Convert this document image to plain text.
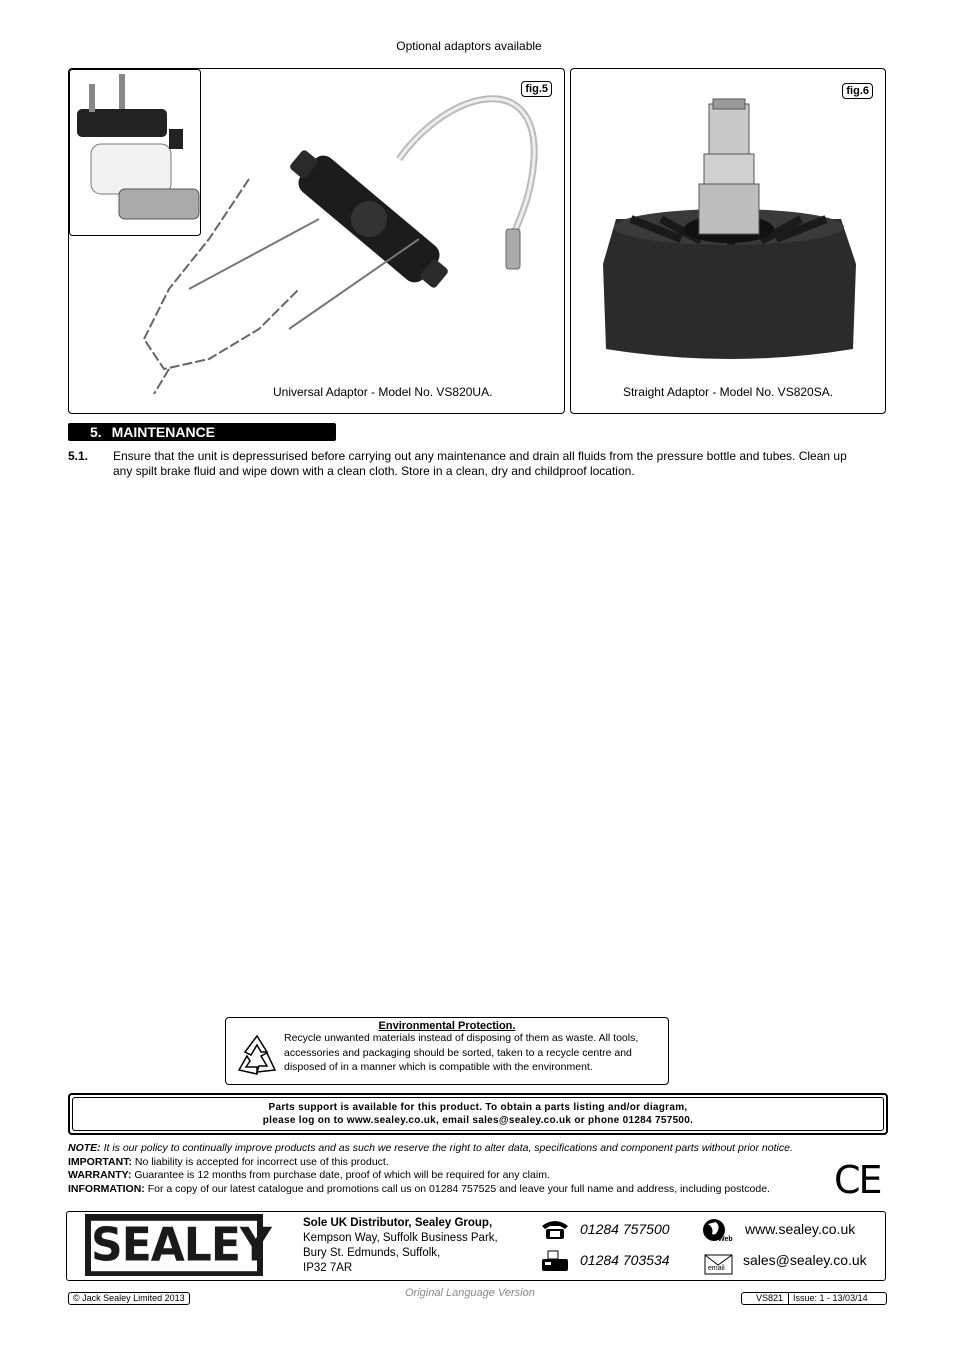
Optional adaptors available
fig.5
Universal Adaptor - Model No. VS820UA.
fig.6
Straight Adaptor - Model No. VS820SA.
5. MAINTENANCE
5.1. Ensure that the unit is depressurised before carrying out any maintenance and drain all fluids from the pressure bottle and tubes. Clean up any spilt brake fluid and wipe down with a clean cloth. Store in a clean, dry and childproof location.
Environmental Protection.
Recycle unwanted materials instead of disposing of them as waste. All tools, accessories and packaging should be sorted, taken to a recycle centre and disposed of in a manner which is compatible with the environment.
Parts support is available for this product. To obtain a parts listing and/or diagram,
please log on to www.sealey.co.uk, email sales@sealey.co.uk or phone 01284 757500.
NOTE: It is our policy to continually improve products and as such we reserve the right to alter data, specifications and component parts without prior notice.
IMPORTANT: No liability is accepted for incorrect use of this product.
WARRANTY: Guarantee is 12 months from purchase date, proof of which will be required for any claim.
INFORMATION: For a copy of our latest catalogue and promotions call us on 01284 757525 and leave your full name and address, including postcode.	CE
SEALEY	Sole UK Distributor, Sealey Group,
Kempson Way, Suffolk Business Park,
Bury St. Edmunds, Suffolk,
IP32 7AR
01284 757500
01284 703534
Web
www.sealey.co.uk
email
sales@sealey.co.uk
© Jack Sealey Limited 2013	Original Language Version	VS821	Issue: 1 - 13/03/14
